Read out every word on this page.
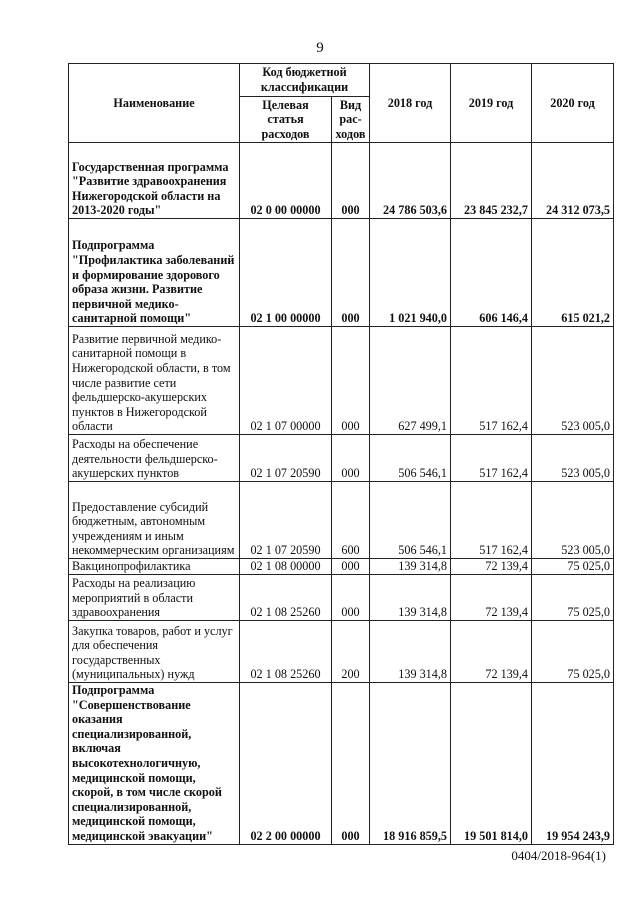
9
Наименование	Код бюджетной классификации		2018 год	2019 год	2020 год
	Целевая статья расходов	Вид рас-ходов			
Государственная программа "Развитие здравоохранения Нижегородской области на 2013-2020 годы"	02 0 00 00000	000	24 786 503,6	23 845 232,7	24 312 073,5
Подпрограмма "Профилактика заболеваний и формирование здорового образа жизни. Развитие первичной медико-санитарной помощи"	02 1 00 00000	000	1 021 940,0	606 146,4	615 021,2
Развитие первичной медико-санитарной помощи в Нижегородской области, в том числе развитие сети фельдшерско-акушерских пунктов в Нижегородской области	02 1 07 00000	000	627 499,1	517 162,4	523 005,0
Расходы на обеспечение деятельности фельдшерско-акушерских пунктов	02 1 07 20590	000	506 546,1	517 162,4	523 005,0
Предоставление субсидий бюджетным, автономным учреждениям и иным некоммерческим организациям	02 1 07 20590	600	506 546,1	517 162,4	523 005,0
Вакцинопрофилактика	02 1 08 00000	000	139 314,8	72 139,4	75 025,0
Расходы на реализацию мероприятий в области здравоохранения	02 1 08 25260	000	139 314,8	72 139,4	75 025,0
Закупка товаров, работ и услуг для обеспечения государственных (муниципальных) нужд	02 1 08 25260	200	139 314,8	72 139,4	75 025,0
Подпрограмма "Совершенствование оказания специализированной, включая высокотехнологичную, медицинской помощи, скорой, в том числе скорой специализированной, медицинской помощи, медицинской эвакуации"	02 2 00 00000	000	18 916 859,5	19 501 814,0	19 954 243,9
0404/2018-964(1)
